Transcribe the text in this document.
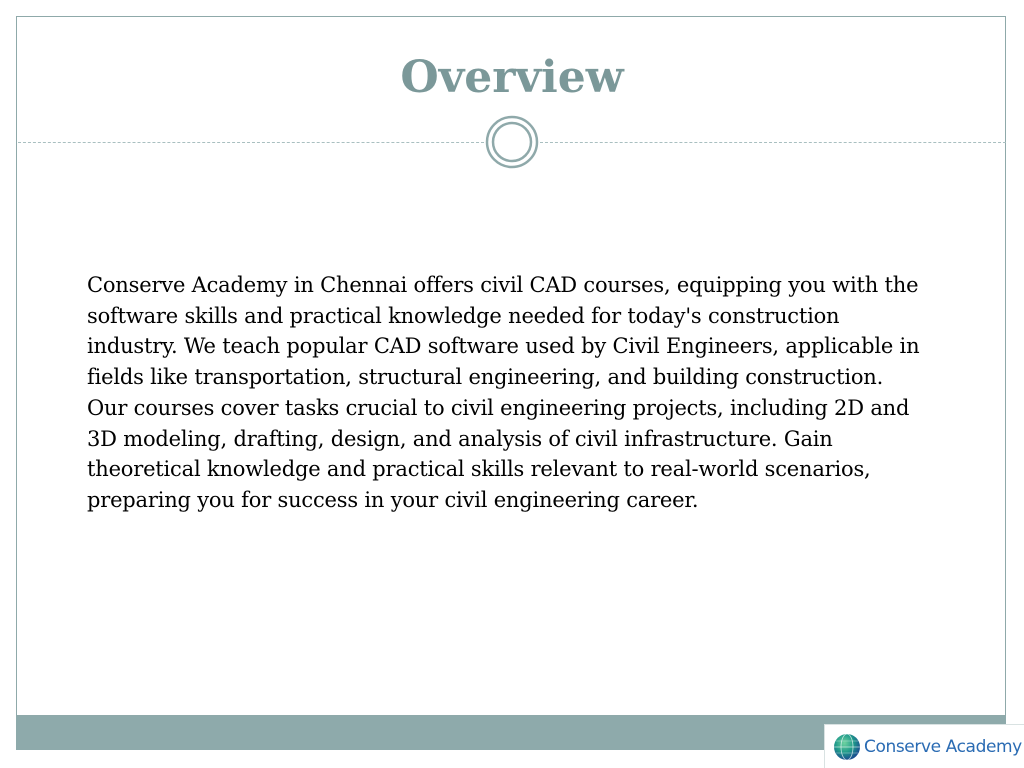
Overview

Conserve Academy in Chennai offers civil CAD courses, equipping you with the software skills and practical knowledge needed for today's construction industry. We teach popular CAD software used by Civil Engineers, applicable in fields like transportation, structural engineering, and building construction. Our courses cover tasks crucial to civil engineering projects, including 2D and 3D modeling, drafting, design, and analysis of civil infrastructure. Gain theoretical knowledge and practical skills relevant to real-world scenarios, preparing you for success in your civil engineering career.

Conserve Academy
